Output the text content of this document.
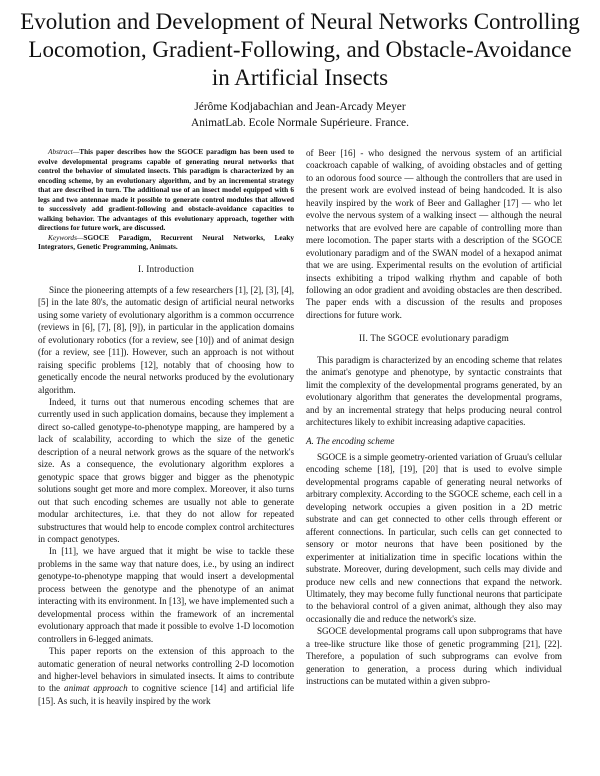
Evolution and Development of Neural Networks Controlling Locomotion, Gradient-Following, and Obstacle-Avoidance in Artificial Insects
Jérôme Kodjabachian and Jean-Arcady Meyer
AnimatLab. Ecole Normale Supérieure. France.

Abstract—This paper describes how the SGOCE paradigm has been used to evolve developmental programs capable of generating neural networks that control the behavior of simulated insects. This paradigm is characterized by an encoding scheme, by an evolutionary algorithm, and by an incremental strategy that are described in turn. The additional use of an insect model equipped with 6 legs and two antennae made it possible to generate control modules that allowed to successively add gradient-following and obstacle-avoidance capacities to walking behavior. The advantages of this evolutionary approach, together with directions for future work, are discussed.

Keywords—SGOCE Paradigm, Recurrent Neural Networks, Leaky Integrators, Genetic Programming, Animats.

I. Introduction

Since the pioneering attempts of a few researchers [1], [2], [3], [4], [5] in the late 80's, the automatic design of artificial neural networks using some variety of evolutionary algorithm is a common occurrence (reviews in [6], [7], [8], [9]), in particular in the application domains of evolutionary robotics (for a review, see [10]) and of animat design (for a review, see [11]). However, such an approach is not without raising specific problems [12], notably that of choosing how to genetically encode the neural networks produced by the evolutionary algorithm.

Indeed, it turns out that numerous encoding schemes that are currently used in such application domains, because they implement a direct so-called genotype-to-phenotype mapping, are hampered by a lack of scalability, according to which the size of the genetic description of a neural network grows as the square of the network's size. As a consequence, the evolutionary algorithm explores a genotypic space that grows bigger and bigger as the phenotypic solutions sought get more and more complex. Moreover, it also turns out that such encoding schemes are usually not able to generate modular architectures, i.e. that they do not allow for repeated substructures that would help to encode complex control architectures in compact genotypes.

In [11], we have argued that it might be wise to tackle these problems in the same way that nature does, i.e., by using an indirect genotype-to-phenotype mapping that would insert a developmental process between the genotype and the phenotype of an animat interacting with its environment. In [13], we have implemented such a developmental process within the framework of an incremental evolutionary approach that made it possible to evolve 1-D locomotion controllers in 6-legged animats.

This paper reports on the extension of this approach to the automatic generation of neural networks controlling 2-D locomotion and higher-level behaviors in simulated insects. It aims to contribute to the animat approach to cognitive science [14] and artificial life [15]. As such, it is heavily inspired by the work

of Beer [16] - who designed the nervous system of an artificial coackroach capable of walking, of avoiding obstacles and of getting to an odorous food source — although the controllers that are used in the present work are evolved instead of being handcoded. It is also heavily inspired by the work of Beer and Gallagher [17] — who let evolve the nervous system of a walking insect — although the neural networks that are evolved here are capable of controlling more than mere locomotion. The paper starts with a description of the SGOCE evolutionary paradigm and of the SWAN model of a hexapod animat that we are using. Experimental results on the evolution of artificial insects exhibiting a tripod walking rhythm and capable of both following an odor gradient and avoiding obstacles are then described. The paper ends with a discussion of the results and proposes directions for future work.

II. The SGOCE evolutionary paradigm

This paradigm is characterized by an encoding scheme that relates the animat's genotype and phenotype, by syntactic constraints that limit the complexity of the developmental programs generated, by an evolutionary algorithm that generates the developmental programs, and by an incremental strategy that helps producing neural control architectures likely to exhibit increasing adaptive capacities.

A. The encoding scheme

SGOCE is a simple geometry-oriented variation of Gruau's cellular encoding scheme [18], [19], [20] that is used to evolve simple developmental programs capable of generating neural networks of arbitrary complexity. According to the SGOCE scheme, each cell in a developing network occupies a given position in a 2D metric substrate and can get connected to other cells through efferent or afferent connections. In particular, such cells can get connected to sensory or motor neurons that have been positioned by the experimenter at initialization time in specific locations within the substrate. Moreover, during development, such cells may divide and produce new cells and new connections that expand the network. Ultimately, they may become fully functional neurons that participate to the behavioral control of a given animat, although they also may occasionally die and reduce the network's size.

SGOCE developmental programs call upon subprograms that have a tree-like structure like those of genetic programming [21], [22]. Therefore, a population of such subprograms can evolve from generation to generation, a process during which individual instructions can be mutated within a given subpro-
